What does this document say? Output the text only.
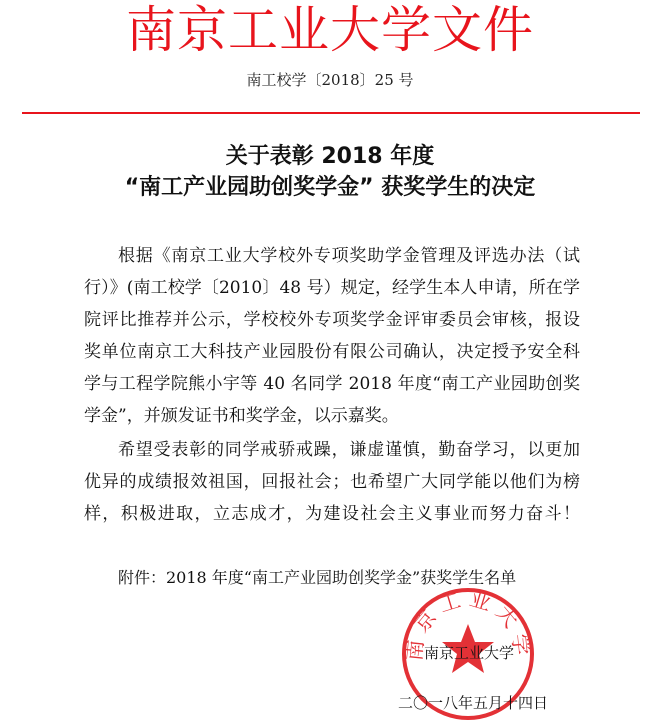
南京工业大学文件
南工校学〔2018〕25 号
关于表彰 2018 年度
“南工产业园助创奖学金” 获奖学生的决定
根据《南京工业大学校外专项奖助学金管理及评选办法（试
行）》(南工校学〔2010〕48 号）规定，经学生本人申请，所在学
院评比推荐并公示，学校校外专项奖学金评审委员会审核，报设
奖单位南京工大科技产业园股份有限公司确认，决定授予安全科
学与工程学院熊小宇等 40 名同学 2018 年度“南工产业园助创奖
学金”，并颁发证书和奖学金，以示嘉奖。
希望受表彰的同学戒骄戒躁，谦虚谨慎，勤奋学习，以更加
优异的成绩报效祖国，回报社会；也希望广大同学能以他们为榜
样，积极进取，立志成才，为建设社会主义事业而努力奋斗！
附件：2018 年度“南工产业园助创奖学金”获奖学生名单
南京工业大学
南京工业大学
二〇一八年五月十四日
